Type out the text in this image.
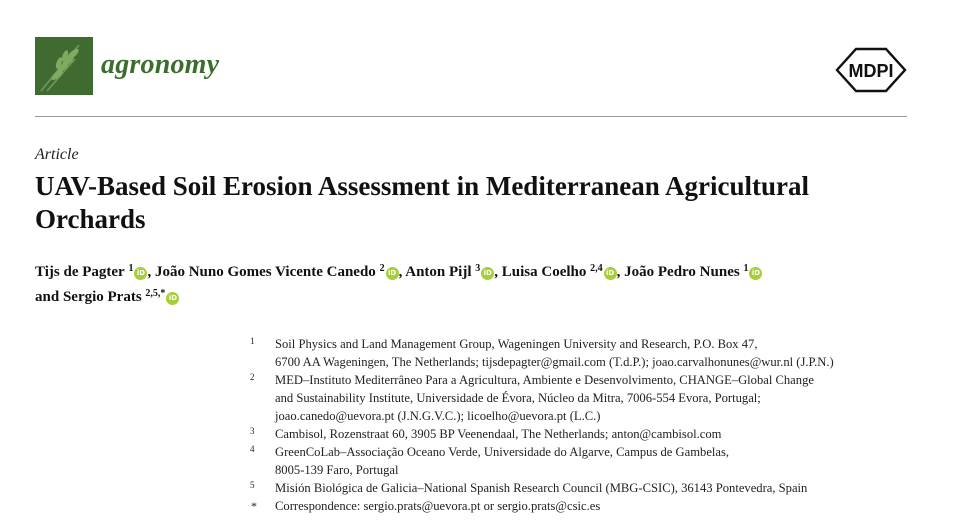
agronomy	MDPI
Article
UAV-Based Soil Erosion Assessment in Mediterranean Agricultural Orchards
Tijs de Pagter $^1$ iD , João Nuno Gomes Vicente Canedo $^2$ iD , Anton Pijl $^3$ iD , Luisa Coelho $^{2,4}$ iD , João Pedro Nunes $^1$ iD
and Sergio Prats $^{2,5,*}$ iD
1 Soil Physics and Land Management Group, Wageningen University and Research, P.O. Box 47,
6700 AA Wageningen, The Netherlands; tijsdepagter@gmail.com (T.d.P.); joao.carvalhonunes@wur.nl (J.P.N.)
2 MED–Instituto Mediterrâneo Para a Agricultura, Ambiente e Desenvolvimento, CHANGE–Global Change
and Sustainability Institute, Universidade de Évora, Núcleo da Mitra, 7006-554 Evora, Portugal;
joao.canedo@uevora.pt (J.N.G.V.C.); licoelho@uevora.pt (L.C.)
3 Cambisol, Rozenstraat 60, 3905 BP Veenendaal, The Netherlands; anton@cambisol.com
4 GreenCoLab–Associação Oceano Verde, Universidade do Algarve, Campus de Gambelas,
8005-139 Faro, Portugal
5 Misión Biológica de Galicia–National Spanish Research Council (MBG-CSIC), 36143 Pontevedra, Spain
* Correspondence: sergio.prats@uevora.pt or sergio.prats@csic.es
